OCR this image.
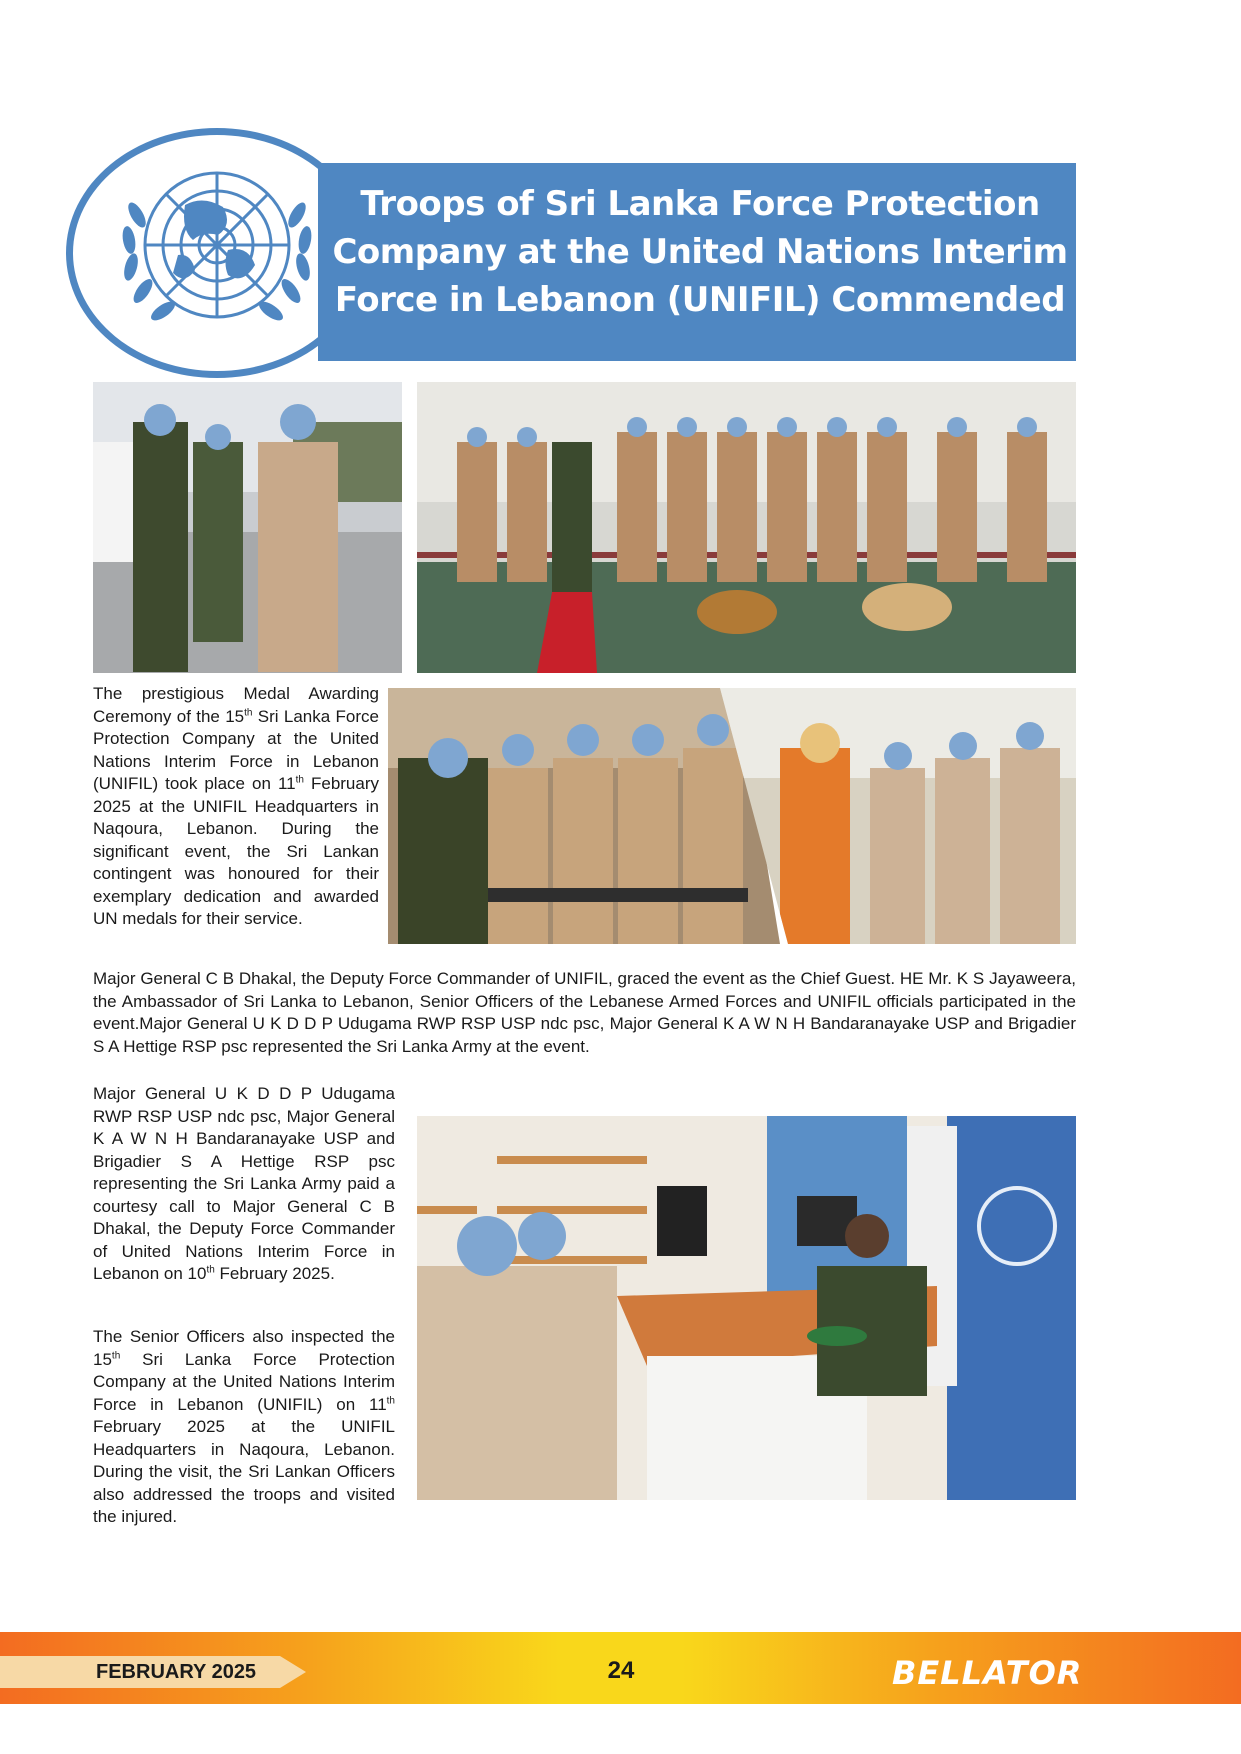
Troops of Sri Lanka Force Protection
Company at the United Nations Interim
Force in Lebanon (UNIFIL) Commended
The prestigious Medal Awarding Ceremony of the 15th Sri Lanka Force Protection Company at the United Nations Interim Force in Lebanon (UNIFIL) took place on 11th February 2025 at the UNIFIL Headquarters in Naqoura, Lebanon. During the significant event, the Sri Lankan contingent was honoured for their exemplary dedication and awarded UN medals for their service.
Major General C B Dhakal, the Deputy Force Commander of UNIFIL, graced the event as the Chief Guest. HE Mr. K S Jayaweera, the Ambassador of Sri Lanka to Lebanon, Senior Officers of the Lebanese Armed Forces and UNIFIL officials participated in the event.Major General U K D D P Udugama RWP RSP USP ndc psc, Major General K A W N H Bandaranayake USP and Brigadier S A Hettige RSP psc represented the Sri Lanka Army at the event.
Major General U K D D P Udugama RWP RSP USP ndc psc, Major General K A W N H Bandaranayake USP and Brigadier S A Hettige RSP psc representing the Sri Lanka Army paid a courtesy call to Major General C B Dhakal, the Deputy Force Commander of United Nations Interim Force in Lebanon on 10th February 2025.
The Senior Officers also inspected the 15th Sri Lanka Force Protection Company at the United Nations Interim Force in Lebanon (UNIFIL) on 11th February 2025 at the UNIFIL Headquarters in Naqoura, Lebanon. During the visit, the Sri Lankan Officers also addressed the troops and visited the injured.
FEBRUARY 2025	24	BELLATOR
